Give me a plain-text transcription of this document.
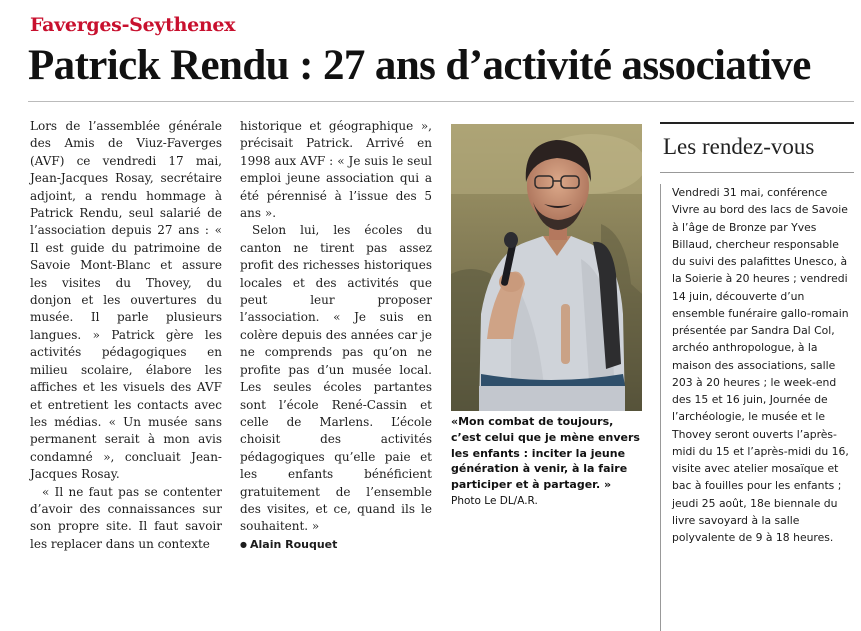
Faverges-Seythenex
Patrick Rendu : 27 ans d’activité associative

Lors de l’assemblée générale des Amis de Viuz-Faverges (AVF) ce vendredi 17 mai, Jean-Jacques Rosay, secrétaire adjoint, a rendu hommage à Patrick Rendu, seul salarié de l’association depuis 27 ans : « Il est guide du patrimoine de Savoie Mont-Blanc et assure les visites du Thovey, du donjon et les ouvertures du musée. Il parle plusieurs langues. » Patrick gère les activités pédagogiques en milieu scolaire, élabore les affiches et les visuels des AVF et entretient les contacts avec les médias. « Un musée sans permanent serait à mon avis condamné », concluait Jean-Jacques Rosay.

« Il ne faut pas se contenter d’avoir des connaissances sur son propre site. Il faut savoir les replacer dans un contexte

historique et géographique », précisait Patrick. Arrivé en 1998 aux AVF : « Je suis le seul emploi jeune association qui a été pérennisé à l’issue des 5 ans ».

Selon lui, les écoles du canton ne tirent pas assez profit des richesses historiques locales et des activités que peut leur proposer l’association. « Je suis en colère depuis des années car je ne comprends pas qu’on ne profite pas d’un musée local. Les seules écoles partantes sont l’école René-Cassin et celle de Marlens. L’école choisit des activités pédagogiques qu’elle paie et les enfants bénéficient gratuitement de l’ensemble des visites, et ce, quand ils le souhaitent. »

● Alain Rouquet

«Mon combat de toujours, c’est celui que je mène envers les enfants : inciter la jeune génération à venir, à la faire participer et à partager. »

Photo Le DL/A.R.

Les rendez-vous
Vendredi 31 mai, conférence Vivre au bord des lacs de Savoie à l’âge de Bronze par Yves Billaud, chercheur responsable du suivi des palafittes Unesco, à la Soierie à 20 heures ; vendredi 14 juin, découverte d’un ensemble funéraire gallo-romain présentée par Sandra Dal Col, archéo anthropologue, à la maison des associations, salle 203 à 20 heures ; le week-end des 15 et 16 juin, Journée de l’archéologie, le musée et le Thovey seront ouverts l’après-midi du 15 et l’après-midi du 16, visite avec atelier mosaïque et bac à fouilles pour les enfants ; jeudi 25 août, 18e biennale du livre savoyard à la salle polyvalente de 9 à 18 heures.
